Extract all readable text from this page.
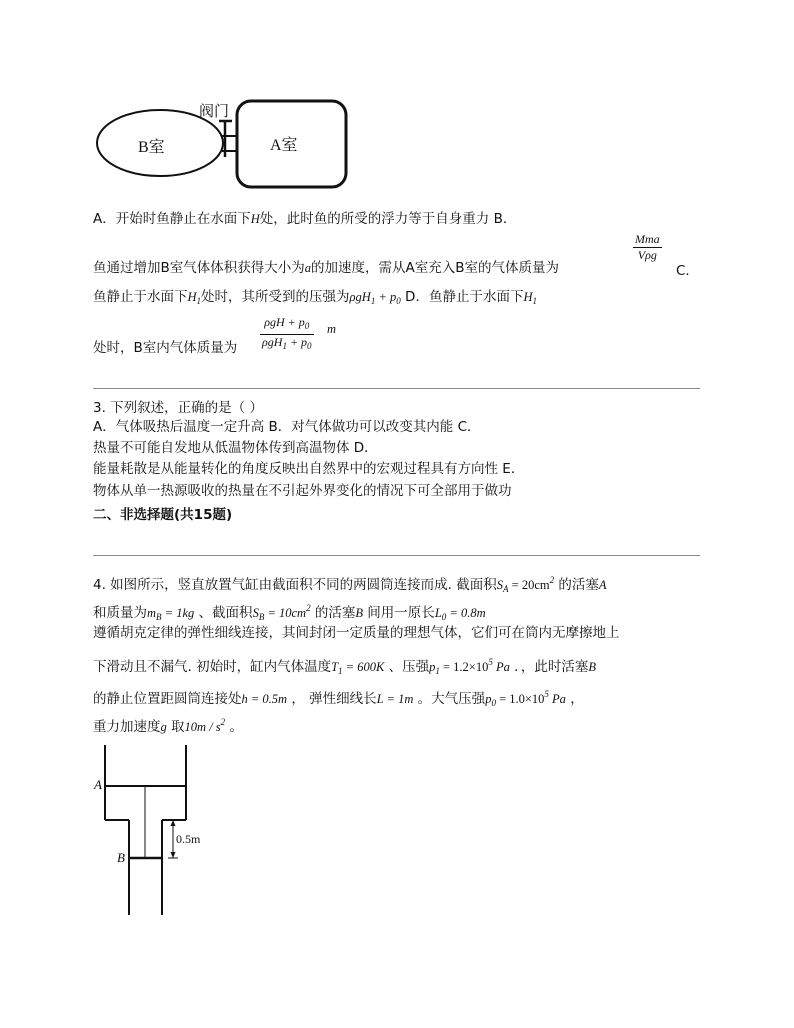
阀门
B室	A室
A．开始时鱼静止在水面下H处，此时鱼的所受的浮力等于自身重力 B．
Mma
Vρg
鱼通过增加B室气体体积获得大小为a的加速度，需从A室充入B室的气体质量为	C．
鱼静止于水面下$H_1$处时，其所受到的压强为$\rho gH_1 + p_0$ D．鱼静止于水面下$H_1$
$\rho gH + p_0$
$\rho gH_1 + p_0$
m
处时，B室内气体质量为
3. 下列叙述，正确的是（ ）
A．气体吸热后温度一定升高 B．对气体做功可以改变其内能 C．
热量不可能自发地从低温物体传到高温物体 D．
能量耗散是从能量转化的角度反映出自然界中的宏观过程具有方向性 E．
物体从单一热源吸收的热量在不引起外界变化的情况下可全部用于做功
二、非选择题(共15题)
4. 如图所示，竖直放置气缸由截面积不同的两圆筒连接而成. 截面积$S_A = 20cm^2$ 的活塞A
和质量为$m_B = 1kg$ 、截面积$S_B = 10cm^2$ 的活塞B 间用一原长$L_0 = 0.8m$
遵循胡克定律的弹性细线连接，其间封闭一定质量的理想气体，它们可在筒内无摩擦地上
下滑动且不漏气. 初始时，缸内气体温度$T_1 = 600K$ 、压强$p_1 = 1.2\times 10^5$ Pa ．，此时活塞B
的静止位置距圆筒连接处h = 0.5m ， 弹性细线长L = 1m 。大气压强$p_0 = 1.0\times 10^5$ Pa ，
重力加速度g 取$10m / s^2$ 。
A
B
0.5m
